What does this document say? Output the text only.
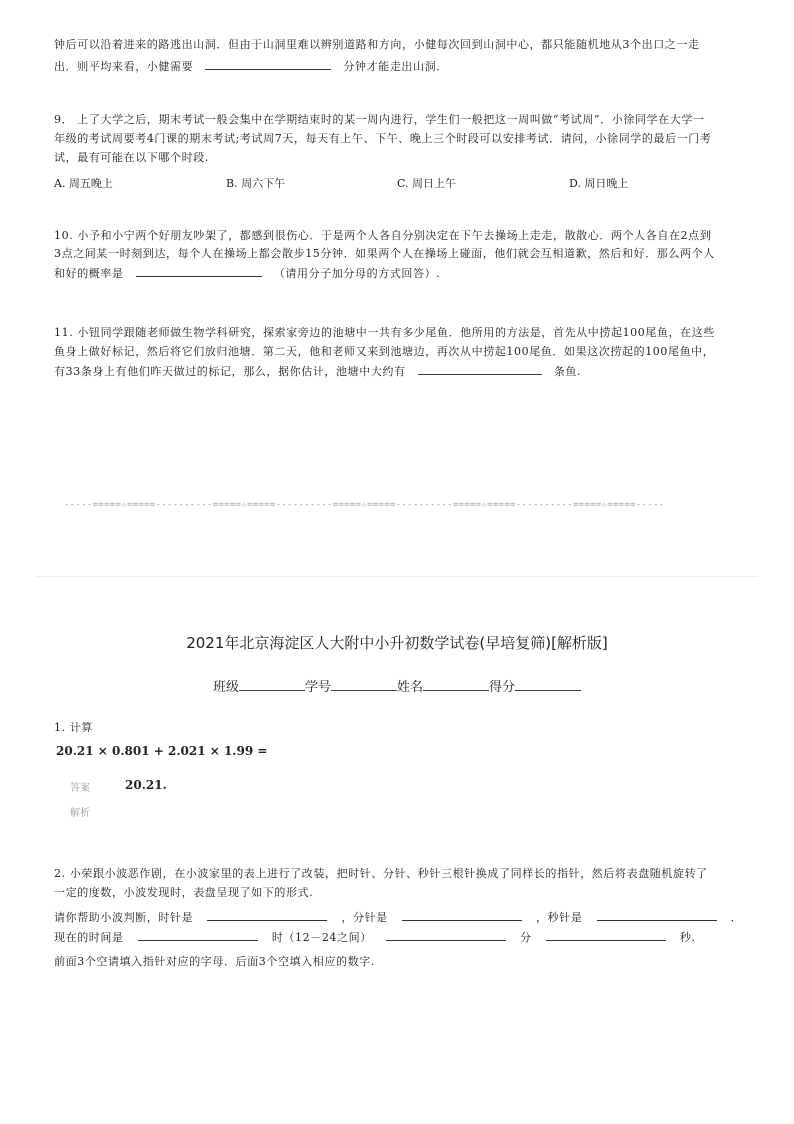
钟后可以沿着进来的路逃出山洞．但由于山洞里难以辨别道路和方向，小健每次回到山洞中心，都只能随机地从3个出口之一走
出．则平均来看，小健需要	分钟才能走出山洞．
9． 上了大学之后，期末考试一般会集中在学期结束时的某一周内进行，学生们一般把这一周叫做“考试周”．小徐同学在大学一
年级的考试周要考4门课的期末考试;考试周7天，每天有上午、下午、晚上三个时段可以安排考试．请问，小徐同学的最后一门考
试，最有可能在以下哪个时段.
A. 周五晚上	B. 周六下午	C. 周日上午	D. 周日晚上
10. 小予和小宁两个好朋友吵架了，都感到很伤心．于是两个人各自分别决定在下午去操场上走走，散散心．两个人各自在2点到
3点之间某一时刻到达，每个人在操场上都会散步15分钟．如果两个人在操场上碰面，他们就会互相道歉，然后和好．那么两个人
和好的概率是	（请用分子加分母的方式回答）.
11. 小钮同学跟随老师做生物学科研究，探索家旁边的池塘中一共有多少尾鱼．他所用的方法是，首先从中捞起100尾鱼，在这些
鱼身上做好标记，然后将它们放归池塘．第二天，他和老师又来到池塘边，再次从中捞起100尾鱼．如果这次捞起的100尾鱼中，
有33条身上有他们昨天做过的标记，那么，据你估计，池塘中大约有	条鱼.
-----=====☆=====----------=====☆=====----------=====☆=====----------=====☆=====----------=====☆=====-----
2021年北京海淀区人大附中小升初数学试卷(早培复筛)[解析版]
班级	学号	姓名	得分
1. 计算
20.21 × 0.801 + 2.021 × 1.99 =
答案	20.21.
解析
2. 小荣跟小波恶作剧，在小波家里的表上进行了改装，把时针、分针、秒针三根针换成了同样长的指针，然后将表盘随机旋转了
一定的度数，小波发现时，表盘呈现了如下的形式.
请你帮助小波判断，时针是	，分针是	，秒针是	．
现在的时间是	时（12－24之间）	分	秒.
前面3个空请填入指针对应的字母．后面3个空填入相应的数字.
